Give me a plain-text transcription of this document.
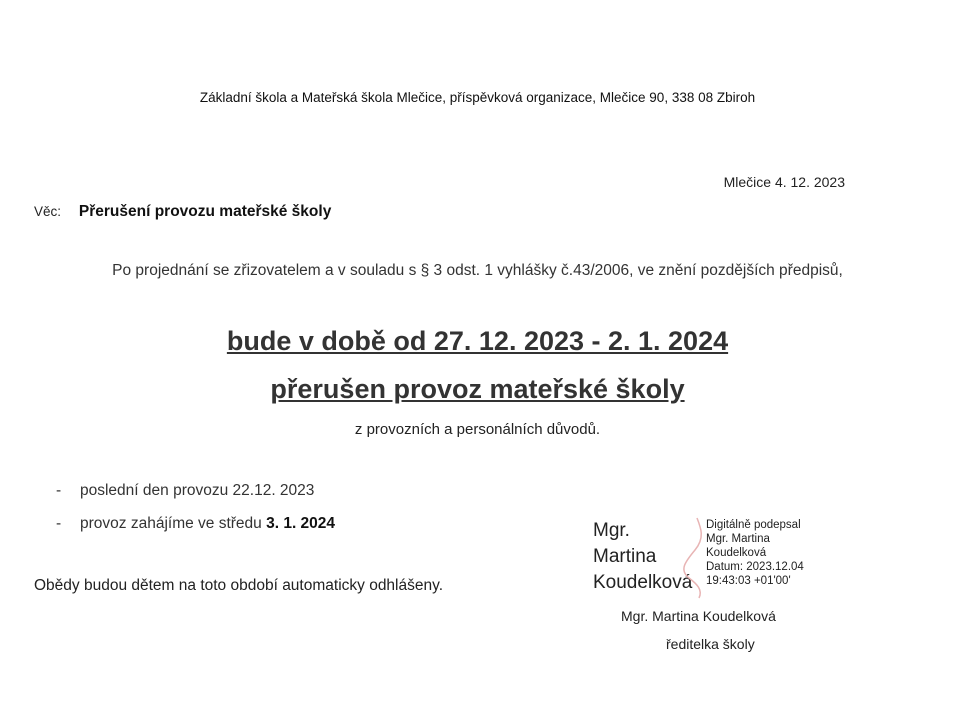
Základní škola a Mateřská škola Mlečice, příspěvková organizace, Mlečice 90, 338 08 Zbiroh
Mlečice 4. 12. 2023
Věc: Přerušení provozu mateřské školy
Po projednání se zřizovatelem a v souladu s § 3 odst. 1 vyhlášky č.43/2006, ve znění pozdějších předpisů,
bude v době od 27. 12. 2023 - 2. 1. 2024
přerušen provoz mateřské školy
z provozních a personálních důvodů.
- poslední den provozu 22.12. 2023
- provoz zahájíme ve středu 3. 1. 2024
Obědy budou dětem na toto období automaticky odhlášeny.
Mgr.
Martina
Koudelková
Digitálně podepsal
Mgr. Martina
Koudelková
Datum: 2023.12.04
19:43:03 +01'00'
Mgr. Martina Koudelková
ředitelka školy
